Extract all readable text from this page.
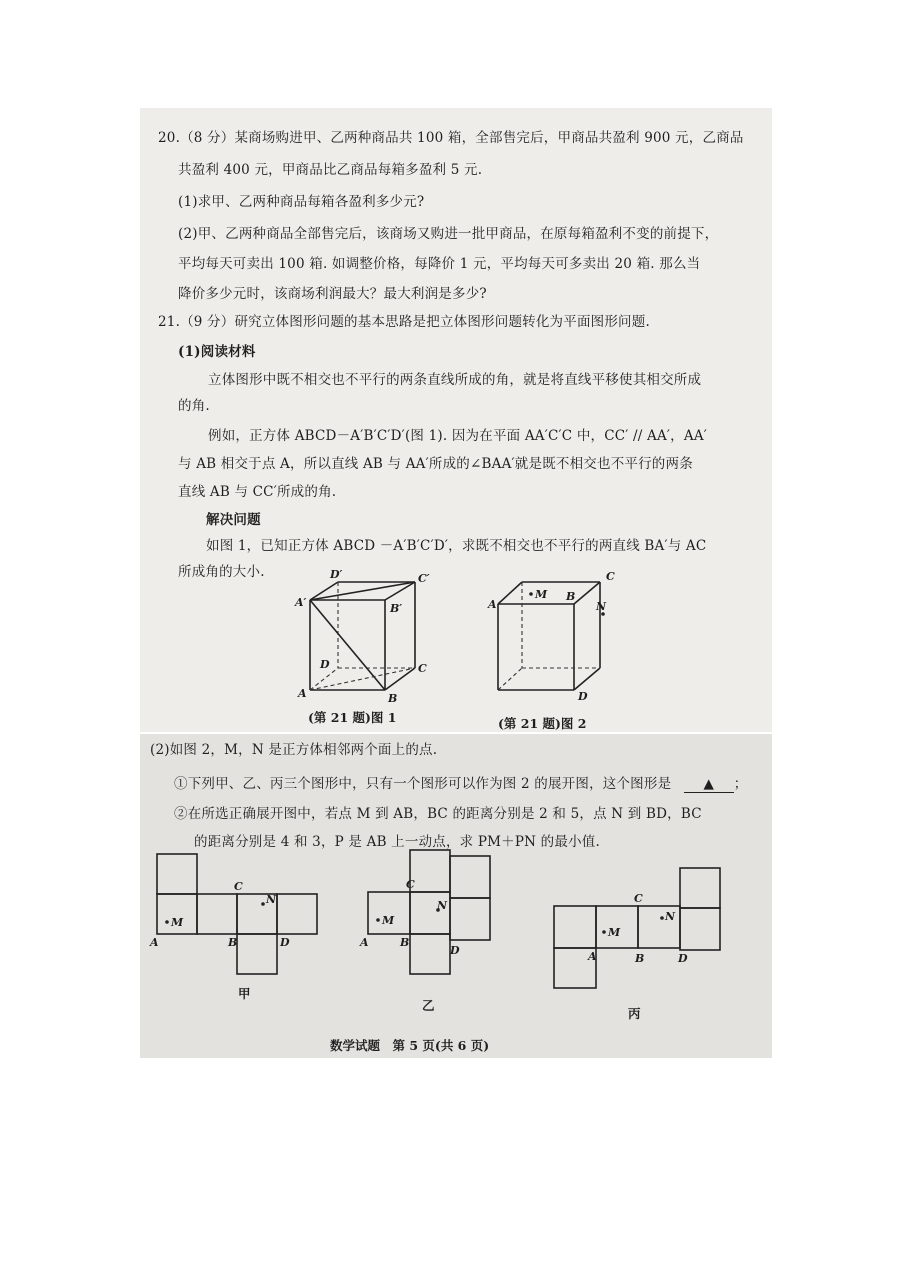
20.（8 分）某商场购进甲、乙两种商品共 100 箱，全部售完后，甲商品共盈利 900 元，乙商品
共盈利 400 元，甲商品比乙商品每箱多盈利 5 元.
(1)求甲、乙两种商品每箱各盈利多少元?
(2)甲、乙两种商品全部售完后，该商场又购进一批甲商品，在原每箱盈利不变的前提下，
平均每天可卖出 100 箱. 如调整价格，每降价 1 元，平均每天可多卖出 20 箱. 那么当
降价多少元时，该商场利润最大？最大利润是多少?
21.（9 分）研究立体图形问题的基本思路是把立体图形问题转化为平面图形问题.
(1)阅读材料
立体图形中既不相交也不平行的两条直线所成的角，就是将直线平移使其相交所成
的角.
例如，正方体 ABCD－A′B′C′D′(图 1). 因为在平面 AA′C′C 中，CC′ // AA′，AA′
与 AB 相交于点 A，所以直线 AB 与 AA′所成的∠BAA′就是既不相交也不平行的两条
直线 AB 与 CC′所成的角.
解决问题
如图 1，已知正方体 ABCD －A′B′C′D′，求既不相交也不平行的两直线 BA′与 AC
所成角的大小.
A	B
C
D
A′	B′
C′
D′
(第 21 题)图 1
M
N
A
B
C
D
(第 21 题)图 2
(2)如图 2，M，N 是正方体相邻两个面上的点.
①下列甲、乙、丙三个图形中，只有一个图形可以作为图 2 的展开图，这个图形是 ▲ ；
②在所选正确展开图中，若点 M 到 AB，BC 的距离分别是 2 和 5，点 N 到 BD，BC
的距离分别是 4 和 3，P 是 AB 上一动点，求 PM＋PN 的最小值.
M
N
A	B
C
D
甲
M
N
A	B
C
D
乙
M
N
A	B
C
D
丙
数学试题　第 5 页(共 6 页)
